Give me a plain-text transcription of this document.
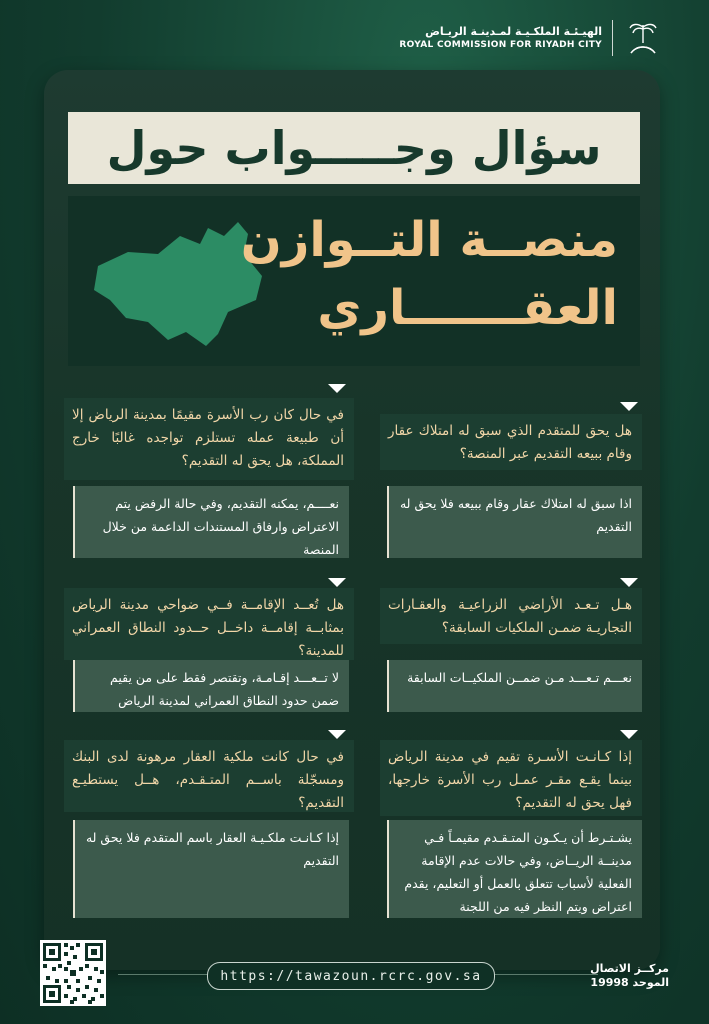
الهيـئـة الملكـيـة لمـدينـة الريـاض
ROYAL COMMISSION FOR RIYADH CITY
سؤال وجـــــواب حول
منصــة التــوازن
العقـــــــاري
هل يحق للمتقدم الذي سبق له امتلاك عقار وقام ببيعه التقديم عبر المنصة؟
اذا سبق له امتلاك عقار وقام ببيعه فلا يحق له التقديم
في حال كان رب الأسرة مقيمًا بمدينة الرياض إلا أن طبيعة عمله تستلزم تواجده غالبًا خارج المملكة، هل يحق له التقديم؟
نعــــم، يمكنه التقديم، وفي حالة الرفض يتم الاعتراض وارفاق المستندات الداعمة من خلال المنصة
هـل تـعـد الأراضي الزراعيـة والعقـارات التجاريـة ضمـن الملكيات السابقة؟
نعـــم تـعـــد مـن ضمــن الملكيــات السابقة
هل تُعــد الإقامــة فــي ضواحي مدينة الرياض بمثابــة إقامــة داخــل حــدود النطاق العمراني للمدينة؟
لا تــعـــد إقـامـة، وتقتصر فقط على من يقيم ضمن حدود النطاق العمراني لمدينة الرياض
إذا كـانـت الأسـرة تقيم في مدينة الرياض بينما يقـع مقـر عمـل رب الأسرة خارجها، فهل يحق له التقديم؟
يشـتـرط أن يـكـون المتـقـدم مقيمـاً فـي مدينــة الريــاض، وفي حالات عدم الإقامة الفعلية لأسباب تتعلق بالعمل أو التعليم، يقدم اعتراض ويتم النظر فيه من اللجنة
في حال كانت ملكية العقار مرهونة لدى البنك ومسجّلة باســم المتـقـدم، هــل يستطيـع التقديم؟
إذا كـانـت ملكـيـة العقار باسم المتقدم فلا يحق له التقديم
https://tawazoun.rcrc.gov.sa	مركــز الاتصال
الموحد 19998
